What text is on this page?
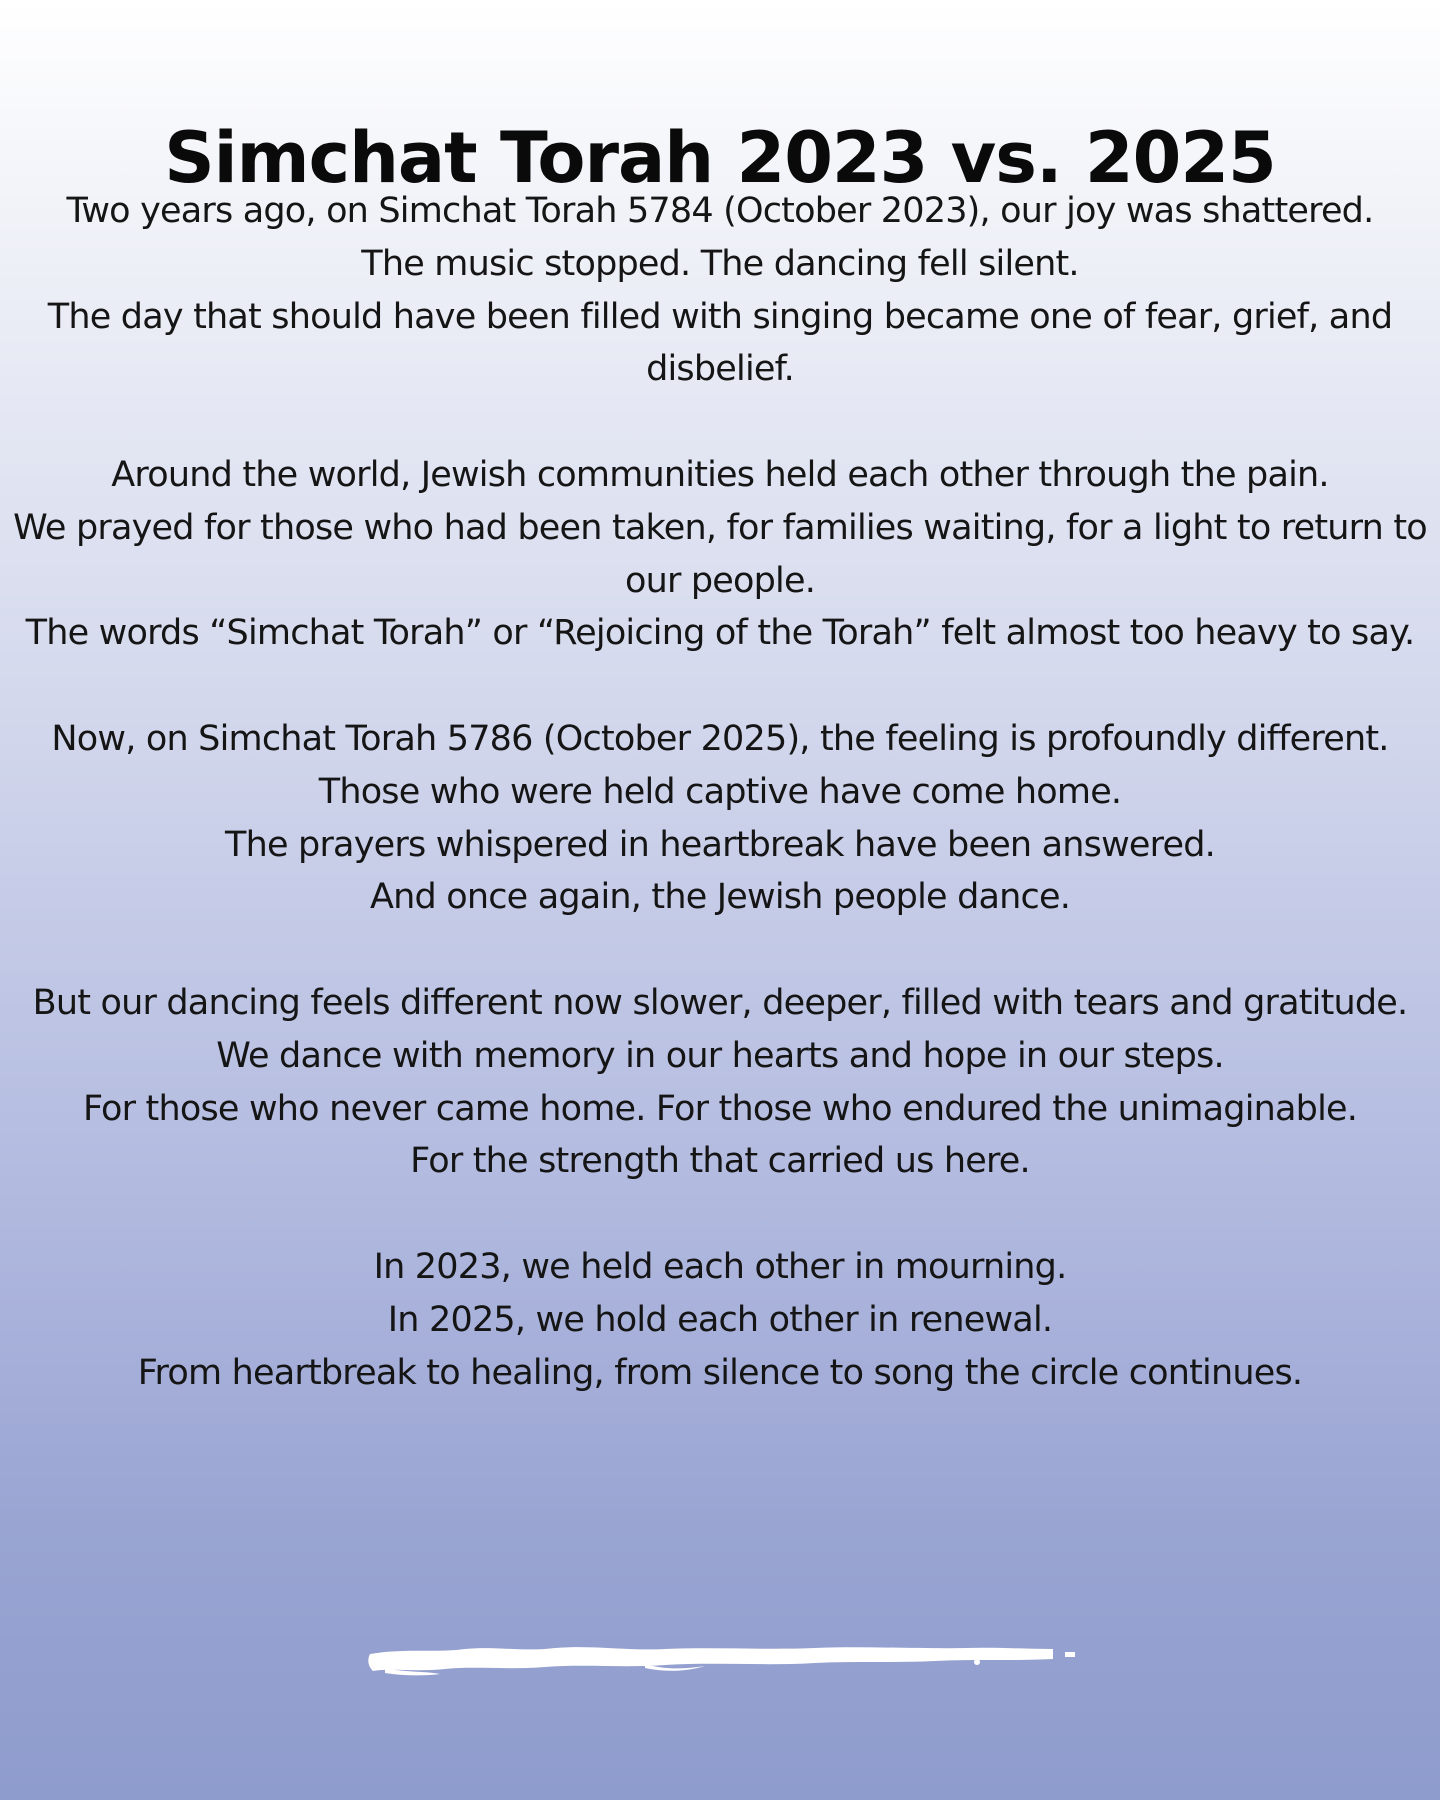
Simchat Torah 2023 vs. 2025
Two years ago, on Simchat Torah 5784 (October 2023), our joy was shattered.
The music stopped. The dancing fell silent.
The day that should have been filled with singing became one of fear, grief, and disbelief.
Around the world, Jewish communities held each other through the pain.
We prayed for those who had been taken, for families waiting, for a light to return to our people.
The words “Simchat Torah” or “Rejoicing of the Torah” felt almost too heavy to say.
Now, on Simchat Torah 5786 (October 2025), the feeling is profoundly different.
Those who were held captive have come home.
The prayers whispered in heartbreak have been answered.
And once again, the Jewish people dance.
But our dancing feels different now slower, deeper, filled with tears and gratitude.
We dance with memory in our hearts and hope in our steps.
For those who never came home. For those who endured the unimaginable.
For the strength that carried us here.
In 2023, we held each other in mourning.
In 2025, we hold each other in renewal.
From heartbreak to healing, from silence to song the circle continues.
